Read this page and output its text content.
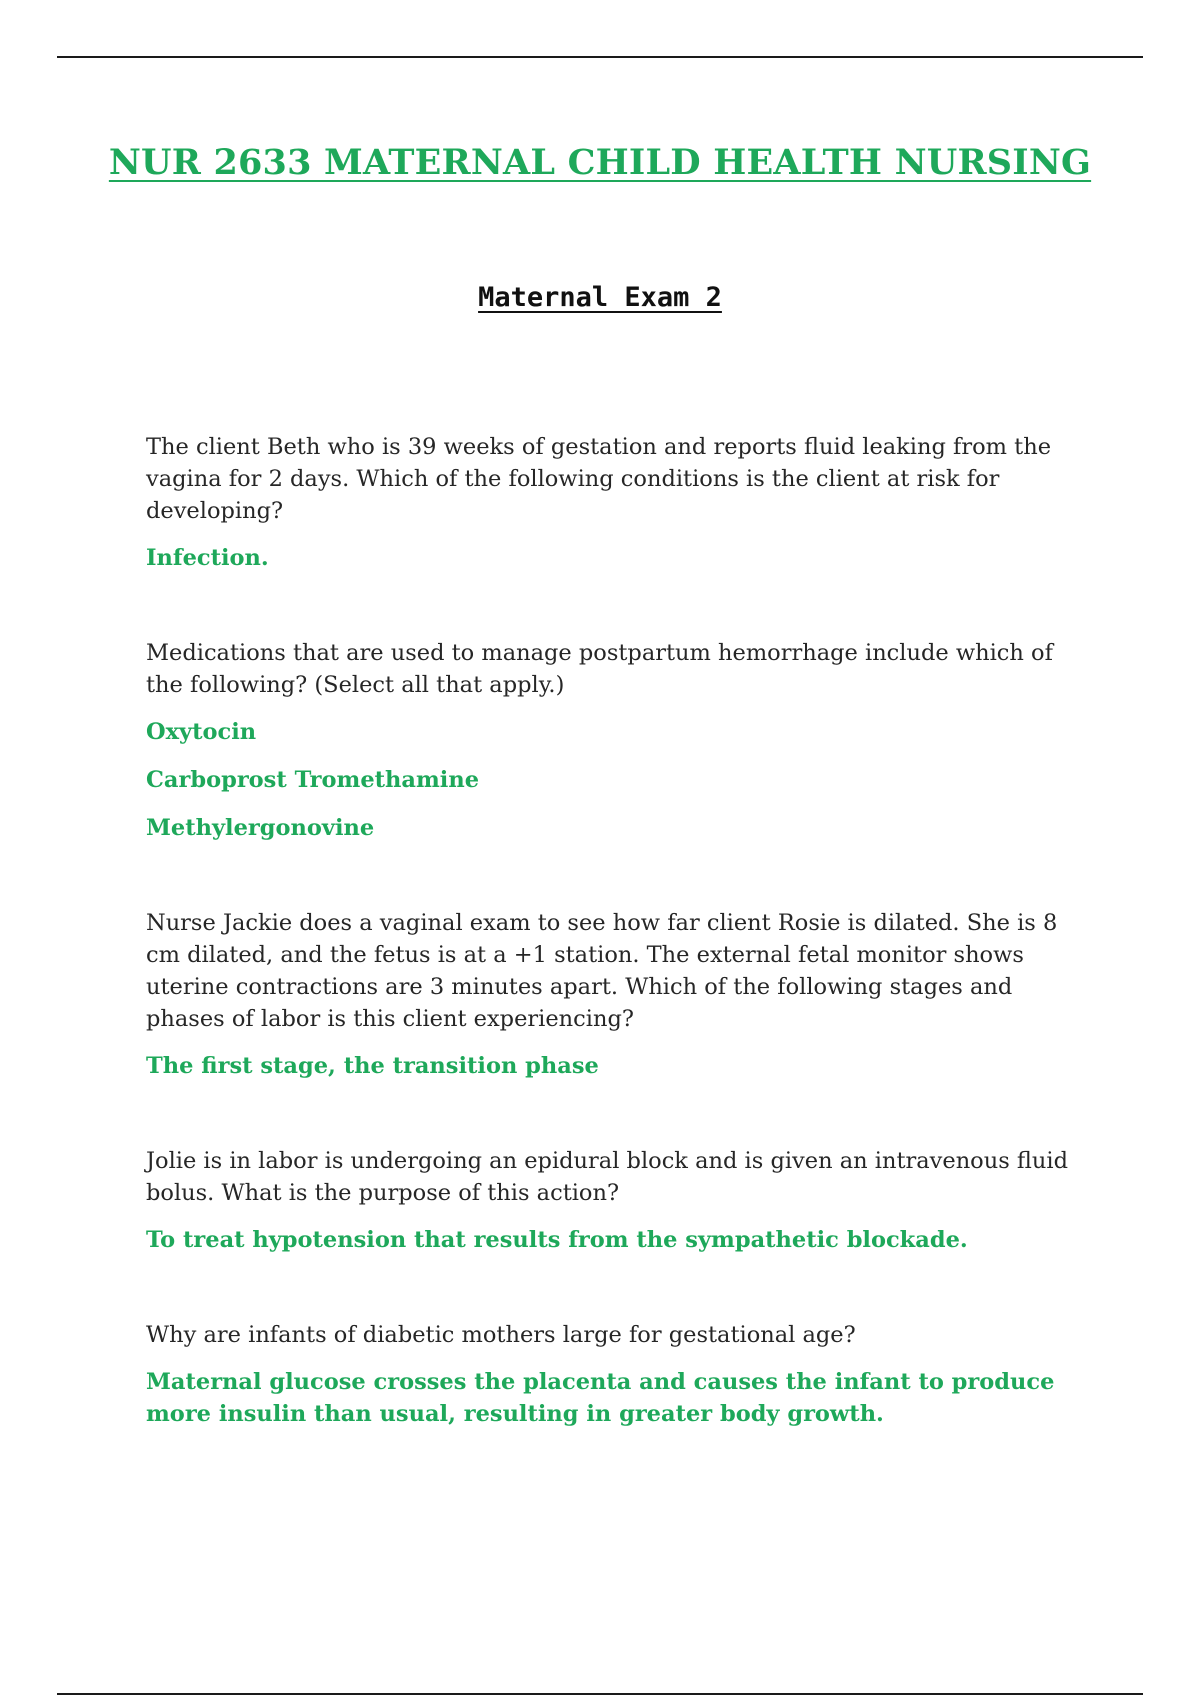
NUR 2633 MATERNAL CHILD HEALTH NURSING
Maternal Exam 2

The client Beth who is 39 weeks of gestation and reports fluid leaking from the vagina for 2 days. Which of the following conditions is the client at risk for developing?

Infection.

Medications that are used to manage postpartum hemorrhage include which of the following? (Select all that apply.)

Oxytocin

Carboprost Tromethamine

Methylergonovine

Nurse Jackie does a vaginal exam to see how far client Rosie is dilated. She is 8 cm dilated, and the fetus is at a +1 station. The external fetal monitor shows uterine contractions are 3 minutes apart. Which of the following stages and phases of labor is this client experiencing?

The first stage, the transition phase

Jolie is in labor is undergoing an epidural block and is given an intravenous fluid bolus. What is the purpose of this action?

To treat hypotension that results from the sympathetic blockade.

Why are infants of diabetic mothers large for gestational age?

Maternal glucose crosses the placenta and causes the infant to produce more insulin than usual, resulting in greater body growth.
